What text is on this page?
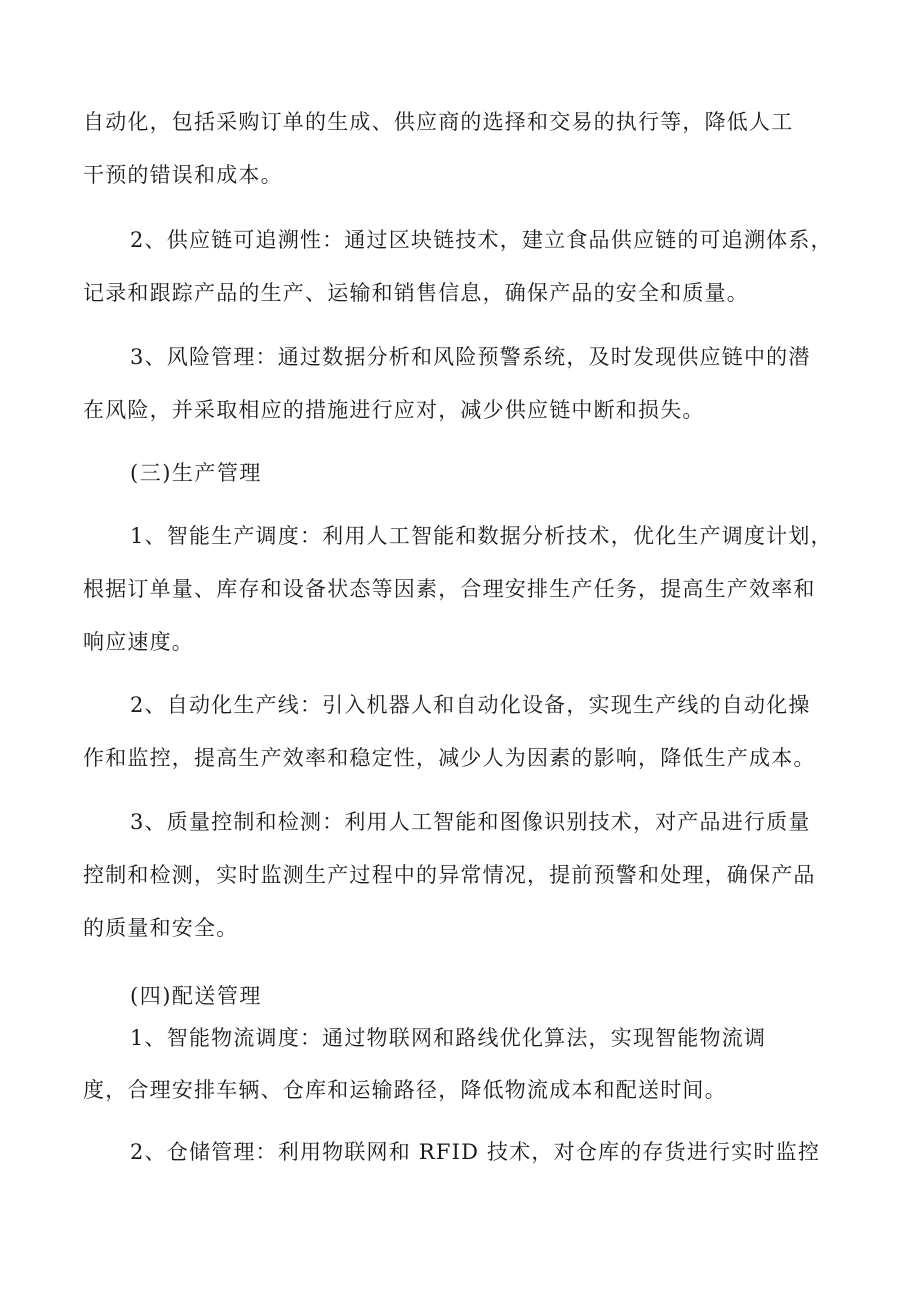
自动化，包括采购订单的生成、供应商的选择和交易的执行等，降低人工

干预的错误和成本。

2、供应链可追溯性：通过区块链技术，建立食品供应链的可追溯体系，

记录和跟踪产品的生产、运输和销售信息，确保产品的安全和质量。

3、风险管理：通过数据分析和风险预警系统，及时发现供应链中的潜

在风险，并采取相应的措施进行应对，减少供应链中断和损失。

(三)生产管理

1、智能生产调度：利用人工智能和数据分析技术，优化生产调度计划，

根据订单量、库存和设备状态等因素，合理安排生产任务，提高生产效率和

响应速度。

2、自动化生产线：引入机器人和自动化设备，实现生产线的自动化操

作和监控，提高生产效率和稳定性，减少人为因素的影响，降低生产成本。

3、质量控制和检测：利用人工智能和图像识别技术，对产品进行质量

控制和检测，实时监测生产过程中的异常情况，提前预警和处理，确保产品

的质量和安全。

(四)配送管理

1、智能物流调度：通过物联网和路线优化算法，实现智能物流调

度，合理安排车辆、仓库和运输路径，降低物流成本和配送时间。

2、仓储管理：利用物联网和 RFID 技术，对仓库的存货进行实时监控
